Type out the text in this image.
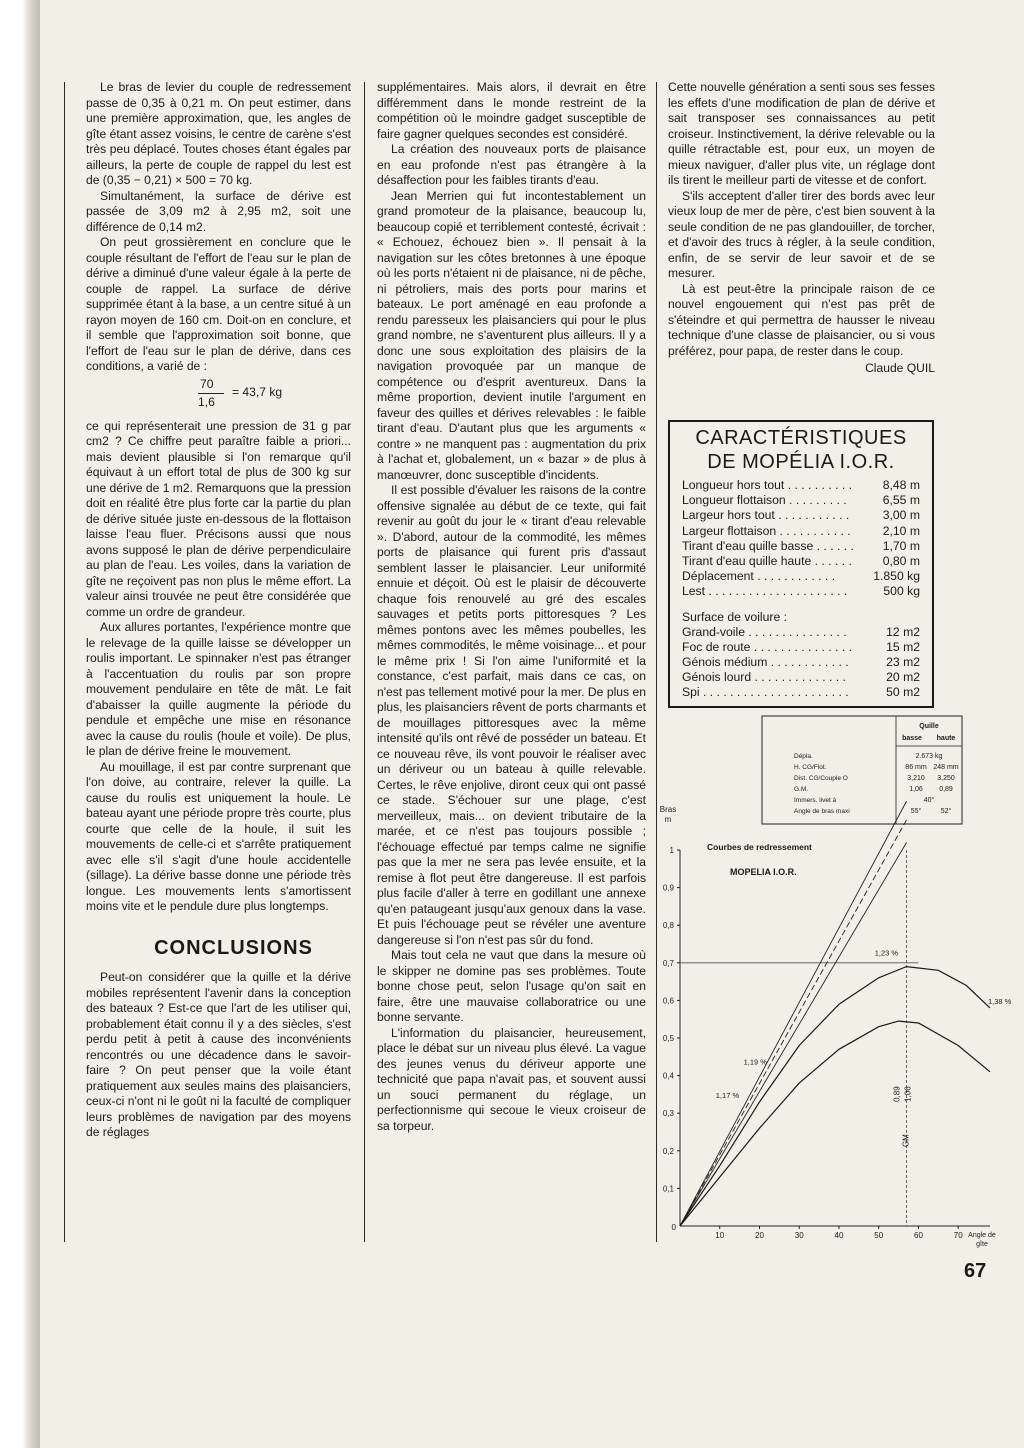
Le bras de levier du couple de redressement passe de 0,35 à 0,21 m. On peut estimer, dans une première approximation, que, les angles de gîte étant assez voisins, le centre de carène s'est très peu déplacé. Toutes choses étant égales par ailleurs, la perte de couple de rappel du lest est de (0,35 − 0,21) × 500 = 70 kg.

Simultanément, la surface de dérive est passée de 3,09 m2 à 2,95 m2, soit une différence de 0,14 m2.

On peut grossièrement en conclure que le couple résultant de l'effort de l'eau sur le plan de dérive a diminué d'une valeur égale à la perte de couple de rappel. La surface de dérive supprimée étant à la base, a un centre situé à un rayon moyen de 160 cm. Doit-on en conclure, et il semble que l'approximation soit bonne, que l'effort de l'eau sur le plan de dérive, dans ces conditions, a varié de :

70
1,6
= 43,7 kg

ce qui représenterait une pression de 31 g par cm2 ? Ce chiffre peut paraître faible a priori... mais devient plausible si l'on remarque qu'il équivaut à un effort total de plus de 300 kg sur une dérive de 1 m2. Remarquons que la pression doit en réalité être plus forte car la partie du plan de dérive située juste en-dessous de la flottaison laisse l'eau fluer. Précisons aussi que nous avons supposé le plan de dérive perpendiculaire au plan de l'eau. Les voiles, dans la variation de gîte ne reçoivent pas non plus le même effort. La valeur ainsi trouvée ne peut être considérée que comme un ordre de grandeur.

Aux allures portantes, l'expérience montre que le relevage de la quille laisse se développer un roulis important. Le spinnaker n'est pas étranger à l'accentuation du roulis par son propre mouvement pendulaire en tête de mât. Le fait d'abaisser la quille augmente la période du pendule et empêche une mise en résonance avec la cause du roulis (houle et voile). De plus, le plan de dérive freine le mouvement.

Au mouillage, il est par contre surprenant que l'on doive, au contraire, relever la quille. La cause du roulis est uniquement la houle. Le bateau ayant une période propre très courte, plus courte que celle de la houle, il suit les mouvements de celle-ci et s'arrête pratiquement avec elle s'il s'agit d'une houle accidentelle (sillage). La dérive basse donne une période très longue. Les mouvements lents s'amortissent moins vite et le pendule dure plus longtemps.

CONCLUSIONS

Peut-on considérer que la quille et la dérive mobiles représentent l'avenir dans la conception des bateaux ? Est-ce que l'art de les utiliser qui, probablement était connu il y a des siècles, s'est perdu petit à petit à cause des inconvénients rencontrés ou une décadence dans le savoir-faire ? On peut penser que la voile étant pratiquement aux seules mains des plaisanciers, ceux-ci n'ont ni le goût ni la faculté de compliquer leurs problèmes de navigation par des moyens de réglages

supplémentaires. Mais alors, il devrait en être différemment dans le monde restreint de la compétition où le moindre gadget susceptible de faire gagner quelques secondes est considéré.

La création des nouveaux ports de plaisance en eau profonde n'est pas étrangère à la désaffection pour les faibles tirants d'eau.

Jean Merrien qui fut incontestablement un grand promoteur de la plaisance, beaucoup lu, beaucoup copié et terriblement contesté, écrivait : « Echouez, échouez bien ». Il pensait à la navigation sur les côtes bretonnes à une époque où les ports n'étaient ni de plaisance, ni de pêche, ni pétroliers, mais des ports pour marins et bateaux. Le port aménagé en eau profonde a rendu paresseux les plaisanciers qui pour le plus grand nombre, ne s'aventurent plus ailleurs. Il y a donc une sous exploitation des plaisirs de la navigation provoquée par un manque de compétence ou d'esprit aventureux. Dans la même proportion, devient inutile l'argument en faveur des quilles et dérives relevables : le faible tirant d'eau. D'autant plus que les arguments « contre » ne manquent pas : augmentation du prix à l'achat et, globalement, un « bazar » de plus à manœuvrer, donc susceptible d'incidents.

Il est possible d'évaluer les raisons de la contre offensive signalée au début de ce texte, qui fait revenir au goût du jour le « tirant d'eau relevable ». D'abord, autour de la commodité, les mêmes ports de plaisance qui furent pris d'assaut semblent lasser le plaisancier. Leur uniformité ennuie et déçoit. Où est le plaisir de découverte chaque fois renouvelé au gré des escales sauvages et petits ports pittoresques ? Les mêmes pontons avec les mêmes poubelles, les mêmes commodités, le même voisinage... et pour le même prix ! Si l'on aime l'uniformité et la constance, c'est parfait, mais dans ce cas, on n'est pas tellement motivé pour la mer. De plus en plus, les plaisanciers rêvent de ports charmants et de mouillages pittoresques avec la même intensité qu'ils ont rêvé de posséder un bateau. Et ce nouveau rêve, ils vont pouvoir le réaliser avec un dériveur ou un bateau à quille relevable. Certes, le rêve enjolive, diront ceux qui ont passé ce stade. S'échouer sur une plage, c'est merveilleux, mais... on devient tributaire de la marée, et ce n'est pas toujours possible ; l'échouage effectué par temps calme ne signifie pas que la mer ne sera pas levée ensuite, et la remise à flot peut être dangereuse. Il est parfois plus facile d'aller à terre en godillant une annexe qu'en pataugeant jusqu'aux genoux dans la vase. Et puis l'échouage peut se révéler une aventure dangereuse si l'on n'est pas sûr du fond.

Mais tout cela ne vaut que dans la mesure où le skipper ne domine pas ses problèmes. Toute bonne chose peut, selon l'usage qu'on sait en faire, être une mauvaise collaboratrice ou une bonne servante.

L'information du plaisancier, heureusement, place le débat sur un niveau plus élevé. La vague des jeunes venus du dériveur apporte une technicité que papa n'avait pas, et souvent aussi un souci permanent du réglage, un perfectionnisme qui secoue le vieux croiseur de sa torpeur.

Cette nouvelle génération a senti sous ses fesses les effets d'une modification de plan de dérive et sait transposer ses connaissances au petit croiseur. Instinctivement, la dérive relevable ou la quille rétractable est, pour eux, un moyen de mieux naviguer, d'aller plus vite, un réglage dont ils tirent le meilleur parti de vitesse et de confort.

S'ils acceptent d'aller tirer des bords avec leur vieux loup de mer de père, c'est bien souvent à la seule condition de ne pas glandouiller, de torcher, et d'avoir des trucs à régler, à la seule condition, enfin, de se servir de leur savoir et de se mesurer.

Là est peut-être la principale raison de ce nouvel engouement qui n'est pas prêt de s'éteindre et qui permettra de hausser le niveau technique d'une classe de plaisancier, ou si vous préférez, pour papa, de rester dans le coup.

Claude QUIL
CARACTÉRISTIQUES
DE MOPÉLIA I.O.R.
Longueur hors tout . . . . . . . . . .	8,48 m
Longueur flottaison . . . . . . . . .	6,55 m
Largeur hors tout . . . . . . . . . . .	3,00 m
Largeur flottaison . . . . . . . . . . .	2,10 m
Tirant d'eau quille basse . . . . . .	1,70 m
Tirant d'eau quille haute . . . . . .	0,80 m
Déplacement . . . . . . . . . . . .	1.850 kg
Lest . . . . . . . . . . . . . . . . . . . . .	500 kg
Surface de voilure :
Grand-voile . . . . . . . . . . . . . . .	12 m2
Foc de route . . . . . . . . . . . . . . .	15 m2
Génois médium . . . . . . . . . . . .	23 m2
Génois lourd . . . . . . . . . . . . . .	20 m2
Spi . . . . . . . . . . . . . . . . . . . . . .	50 m2
Bras
m
Angle de
gîte
0
0,1
0,2
0,3
0,4
0,5
0,6
0,7
0,8
0,9
1
10	20	30	40	50	60	70
Courbes de redressement
MOPELIA I.O.R.
1,23 %
1,38 %
1,19 %
1,17 %	0,89 1,06
GM
Quille
basse haute
Dépla.	2.673 kg
H. CG/Flot.	86 mm 248 mm
Dist. CG/Couple O	3,210 3,250
G.M.	1,06 0,89
Immers. livet à	40°
Angle de bras maxi	55°	52°
67
